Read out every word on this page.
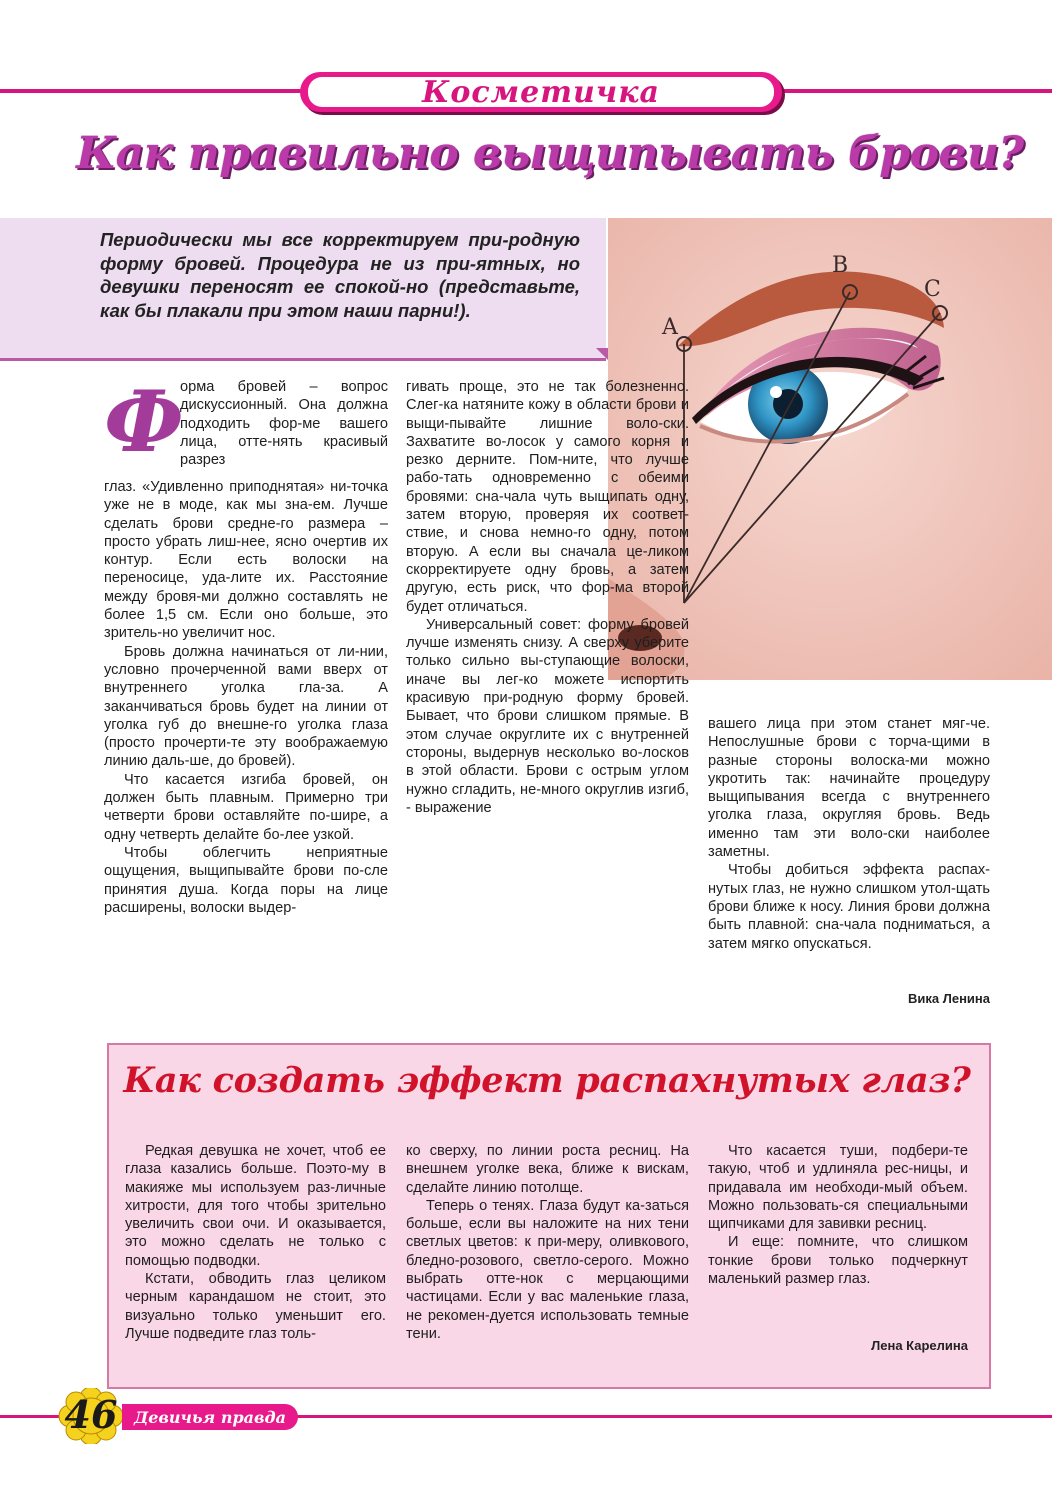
Косметичка
Как правильно выщипывать брови?
Периодически мы все корректируем при-родную форму бровей. Процедура не из при-ятных, но девушки переносят ее спокой-но (представьте, как бы плакали при этом наши парни!).
A
B
C
Ф

орма бровей – вопрос дискуссионный. Она должна подходить фор-ме вашего лица, отте-нять красивый разрез

глаз. «Удивленно приподнятая» ни-точка уже не в моде, как мы зна-ем. Лучше сделать брови средне-го размера – просто убрать лиш-нее, ясно очертив их контур. Если есть волоски на переносице, уда-лите их. Расстояние между бровя-ми должно составлять не более 1,5 см. Если оно больше, это зритель-но увеличит нос.

Бровь должна начинаться от ли-нии, условно прочерченной вами вверх от внутреннего уголка гла-за. А заканчиваться бровь будет на линии от уголка губ до внешне-го уголка глаза (просто прочерти-те эту воображаемую линию даль-ше, до бровей).

Что касается изгиба бровей, он должен быть плавным. Примерно три четверти брови оставляйте по-шире, а одну четверть делайте бо-лее узкой.

Чтобы облегчить неприятные ощущения, выщипывайте брови по-сле принятия душа. Когда поры на лице расширены, волоски выдер-

гивать проще, это не так болезненно. Слег-ка натяните кожу в области брови и выщи-пывайте лишние воло-ски. Захватите во-лосок у самого корня и резко дерните. Пом-ните, что лучше рабо-тать одновременно с обеими бровями: сна-чала чуть выщипать одну, затем вторую, проверяя их соответ-ствие, и снова немно-го одну, потом вторую. А если вы сначала це-ликом скорректируете одну бровь, а затем другую, есть риск, что фор-ма второй будет отличаться.

Универсальный совет: форму бровей лучше изменять снизу. А сверху уберите только сильно вы-ступающие волоски, иначе вы лег-ко можете испортить красивую при-родную форму бровей. Бывает, что брови слишком прямые. В этом случае округлите их с внутренней стороны, выдернув несколько во-лосков в этой области. Брови с острым углом нужно сгладить, не-много округлив изгиб, - выражение

вашего лица при этом станет мяг-че. Непослушные брови с торча-щими в разные стороны волоска-ми можно укротить так: начинайте процедуру выщипывания всегда с внутреннего уголка глаза, округляя бровь. Ведь именно там эти воло-ски наиболее заметны.

Чтобы добиться эффекта распах-нутых глаз, не нужно слишком утол-щать брови ближе к носу. Линия брови должна быть плавной: сна-чала подниматься, а затем мягко опускаться.

Вика Ленина
Как создать эффект распахнутых глаз?

Редкая девушка не хочет, чтоб ее глаза казались больше. Поэто-му в макияже мы используем раз-личные хитрости, для того чтобы зрительно увеличить свои очи. И оказывается, это можно сделать не только с помощью подводки.

Кстати, обводить глаз целиком черным карандашом не стоит, это визуально только уменьшит его. Лучше подведите глаз толь-

ко сверху, по линии роста ресниц. На внешнем уголке века, ближе к вискам, сделайте линию потолще.

Теперь о тенях. Глаза будут ка-заться больше, если вы наложите на них тени светлых цветов: к при-меру, оливкового, бледно-розового, светло-серого. Можно выбрать отте-нок с мерцающими частицами. Если у вас маленькие глаза, не рекомен-дуется использовать темные тени.

Что касается туши, подбери-те такую, чтоб и удлиняла рес-ницы, и придавала им необходи-мый объем. Можно пользовать-ся специальными щипчиками для завивки ресниц.

И еще: помните, что слишком тонкие брови только подчеркнут маленький размер глаз.

Лена Карелина
46	Девичья правда
